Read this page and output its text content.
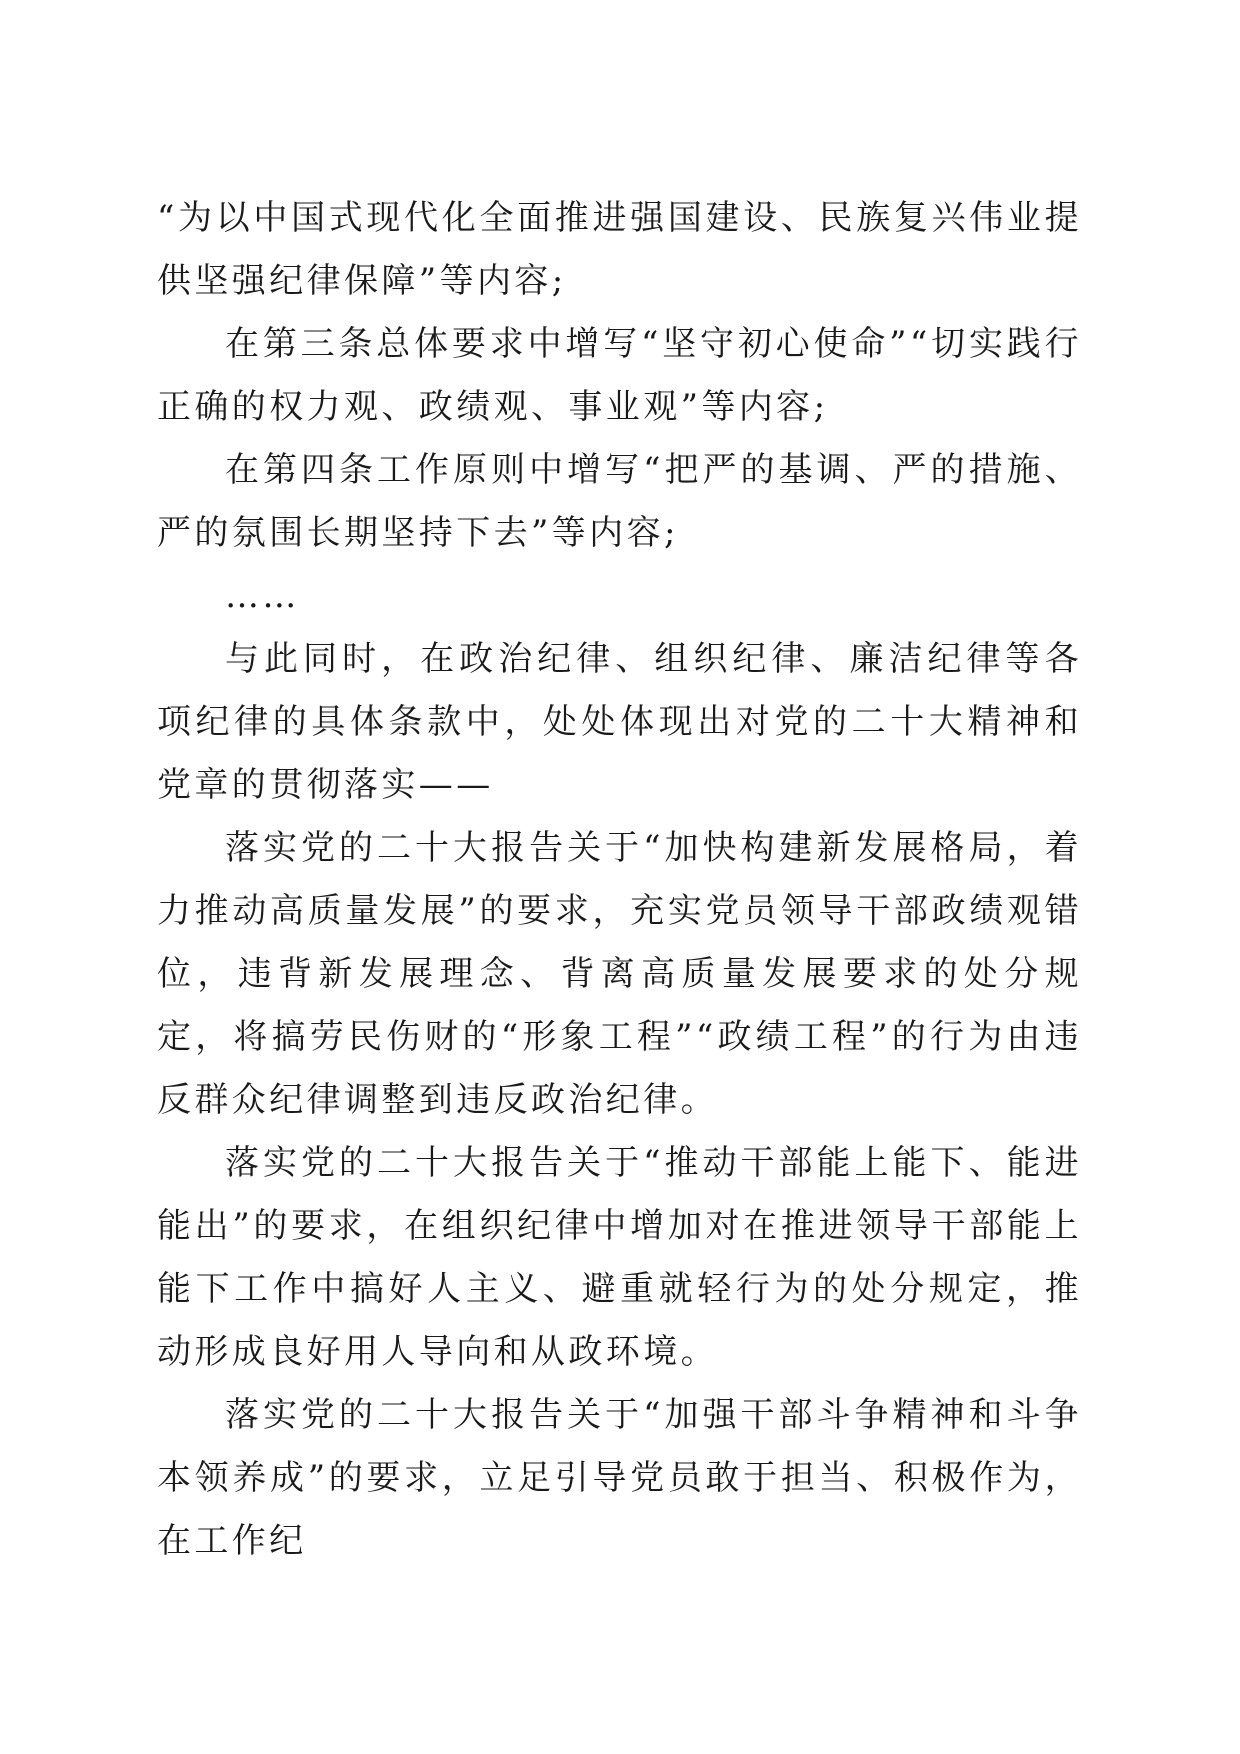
“为以中国式现代化全面推进强国建设、民族复兴伟业提供坚强纪律保障”等内容;

在第三条总体要求中增写“坚守初心使命”“切实践行正确的权力观、政绩观、事业观”等内容;

在第四条工作原则中增写“把严的基调、严的措施、严的氛围长期坚持下去”等内容;

……

与此同时，在政治纪律、组织纪律、廉洁纪律等各项纪律的具体条款中，处处体现出对党的二十大精神和党章的贯彻落实——

落实党的二十大报告关于“加快构建新发展格局，着力推动高质量发展”的要求，充实党员领导干部政绩观错位，违背新发展理念、背离高质量发展要求的处分规定，将搞劳民伤财的“形象工程”“政绩工程”的行为由违反群众纪律调整到违反政治纪律。

落实党的二十大报告关于“推动干部能上能下、能进能出”的要求，在组织纪律中增加对在推进领导干部能上能下工作中搞好人主义、避重就轻行为的处分规定，推动形成良好用人导向和从政环境。

落实党的二十大报告关于“加强干部斗争精神和斗争本领养成”的要求，立足引导党员敢于担当、积极作为，在工作纪
